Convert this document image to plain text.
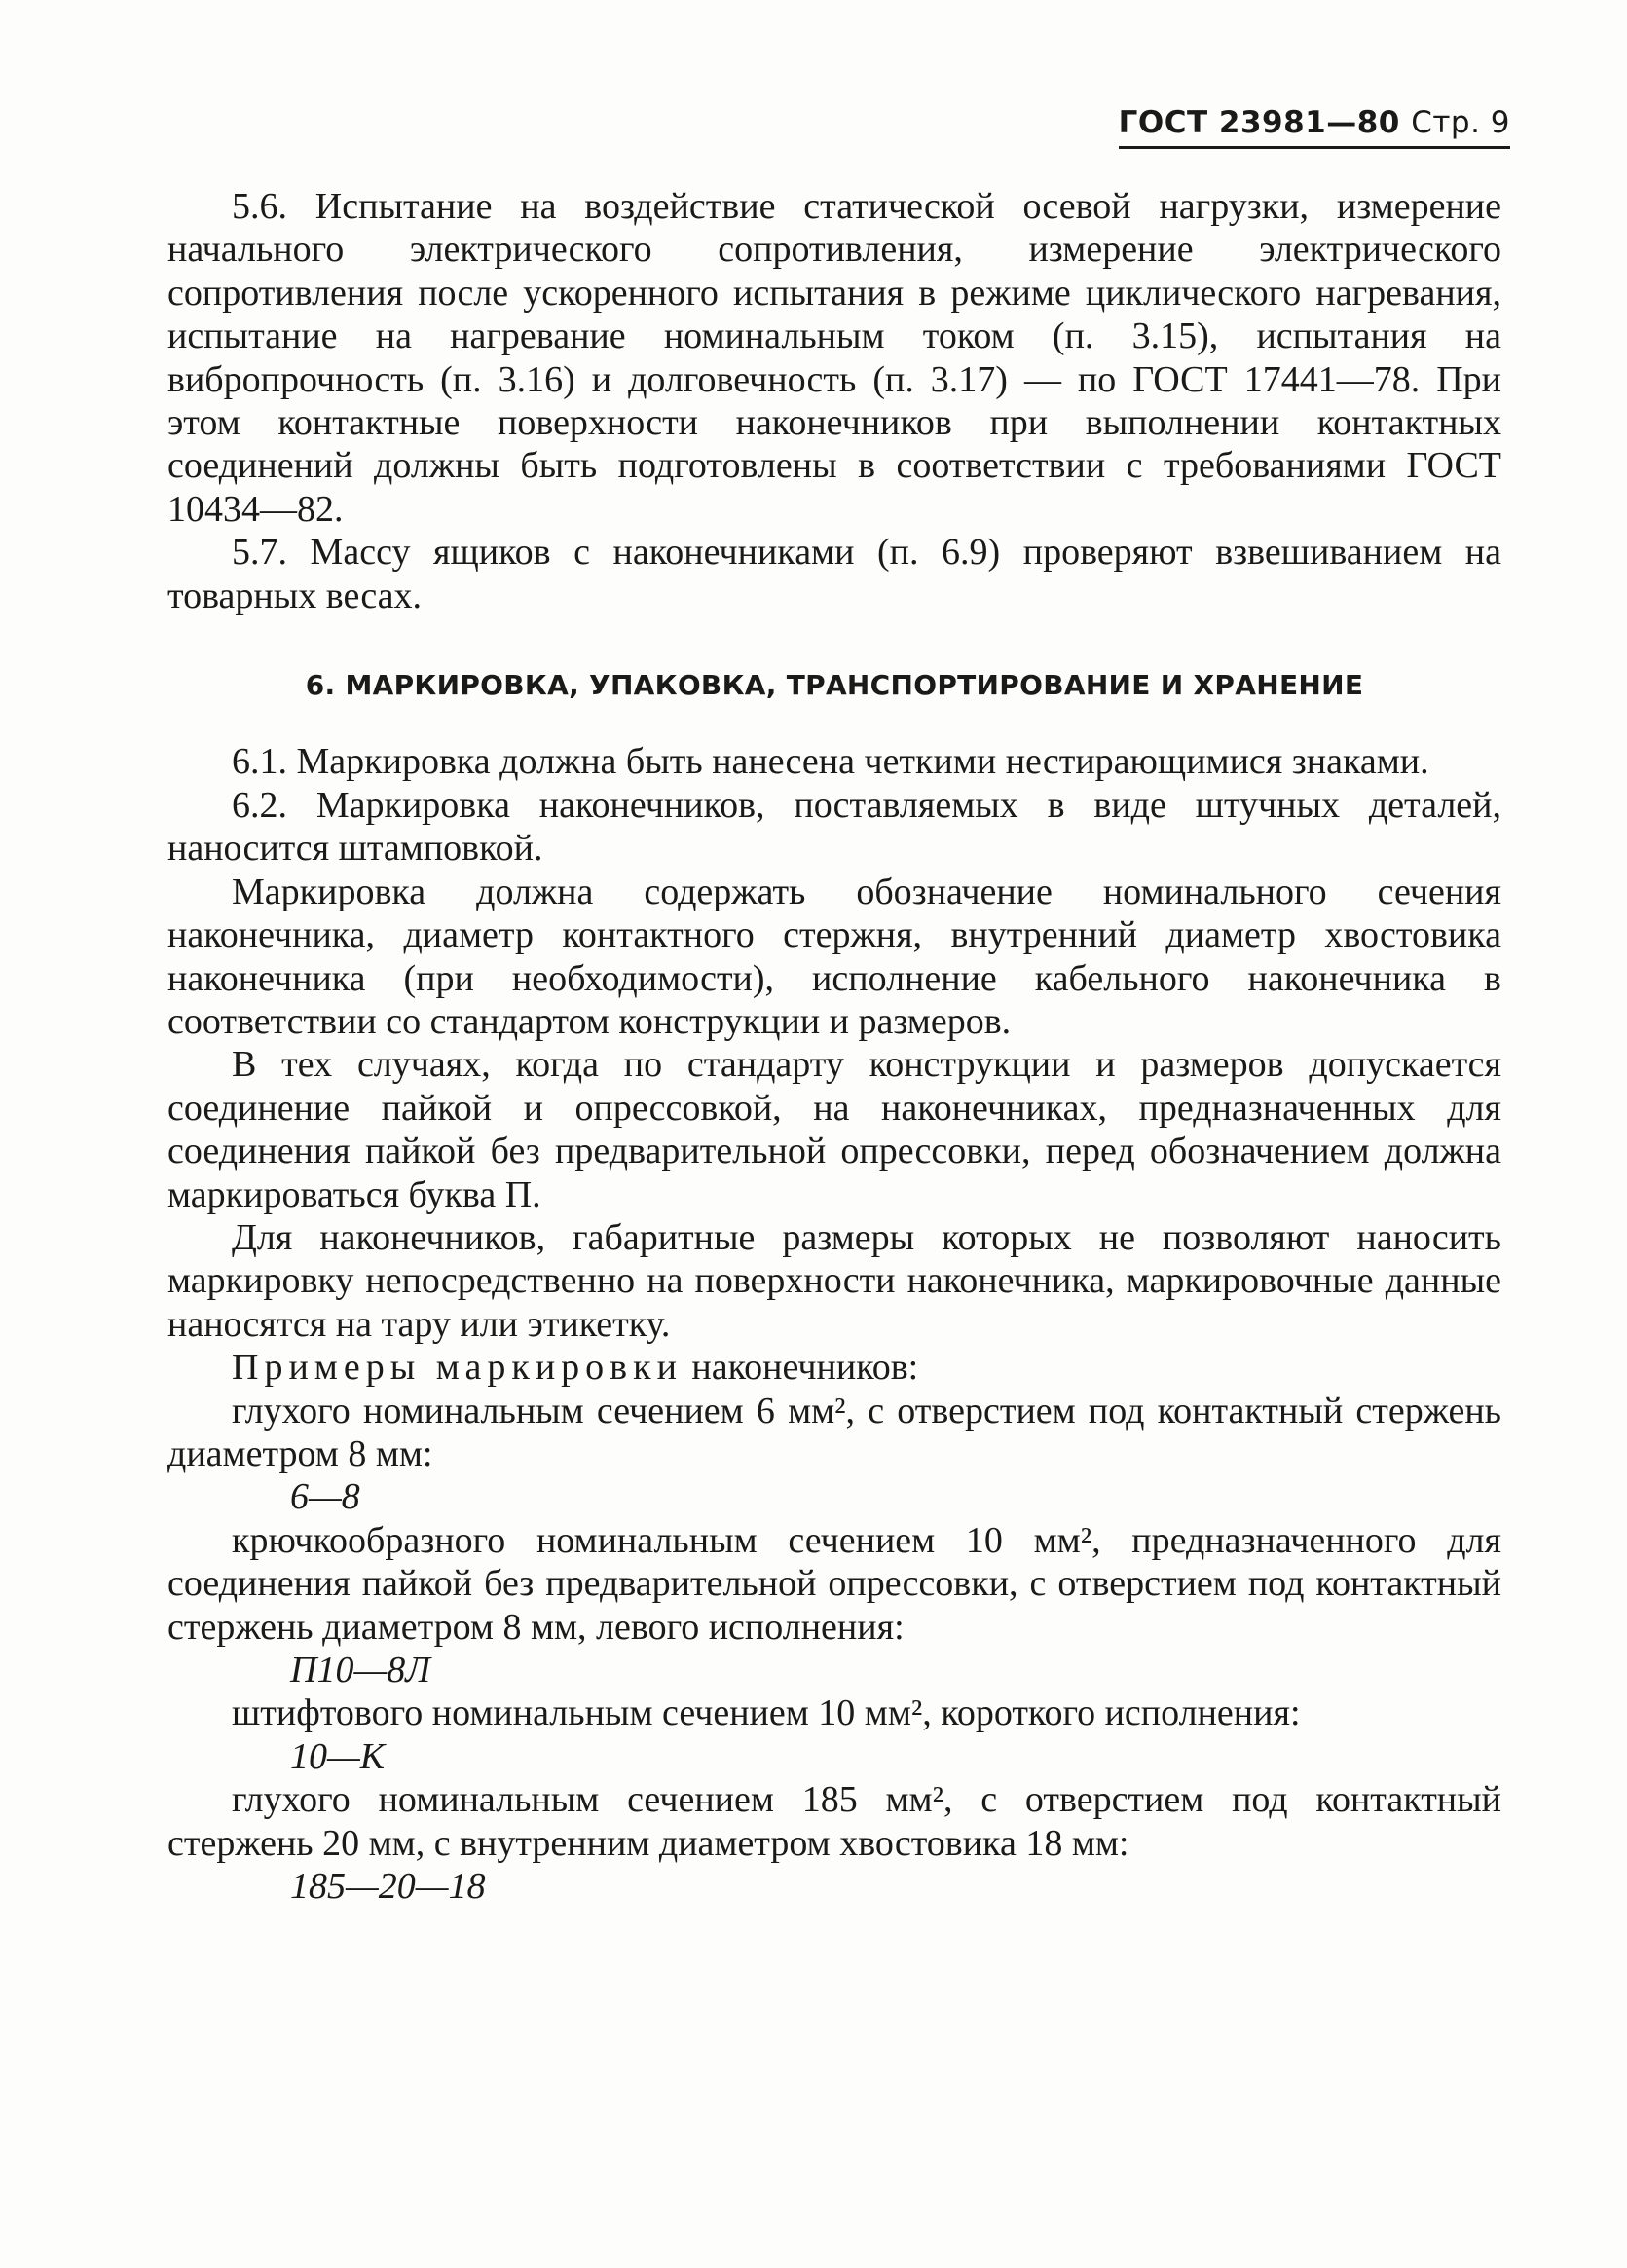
ГОСТ 23981—80 Стр. 9

5.6. Испытание на воздействие статической осевой нагрузки, измерение начального электрического сопротивления, измерение электрического сопротивления после ускоренного испытания в режиме циклического нагревания, испытание на нагревание номинальным током (п. 3.15), испытания на вибропрочность (п. 3.16) и долговечность (п. 3.17) — по ГОСТ 17441—78. При этом контактные поверхности наконечников при выполнении контактных соединений должны быть подготовлены в соответствии с требованиями ГОСТ 10434—82.

5.7. Массу ящиков с наконечниками (п. 6.9) проверяют взвешиванием на товарных весах.

6. МАРКИРОВКА, УПАКОВКА, ТРАНСПОРТИРОВАНИЕ И ХРАНЕНИЕ

6.1. Маркировка должна быть нанесена четкими нестирающимися знаками.

6.2. Маркировка наконечников, поставляемых в виде штучных деталей, наносится штамповкой.

Маркировка должна содержать обозначение номинального сечения наконечника, диаметр контактного стержня, внутренний диаметр хвостовика наконечника (при необходимости), исполнение кабельного наконечника в соответствии со стандартом конструкции и размеров.

В тех случаях, когда по стандарту конструкции и размеров допускается соединение пайкой и опрессовкой, на наконечниках, предназначенных для соединения пайкой без предварительной опрессовки, перед обозначением должна маркироваться буква П.

Для наконечников, габаритные размеры которых не позволяют наносить маркировку непосредственно на поверхности наконечника, маркировочные данные наносятся на тару или этикетку.

Примеры маркировки наконечников:

глухого номинальным сечением 6 мм², с отверстием под контактный стержень диаметром 8 мм:

6—8

крючкообразного номинальным сечением 10 мм², предназначенного для соединения пайкой без предварительной опрессовки, с отверстием под контактный стержень диаметром 8 мм, левого исполнения:

П10—8Л

штифтового номинальным сечением 10 мм², короткого исполнения:

10—К

глухого номинальным сечением 185 мм², с отверстием под контактный стержень 20 мм, с внутренним диаметром хвостовика 18 мм:

185—20—18
